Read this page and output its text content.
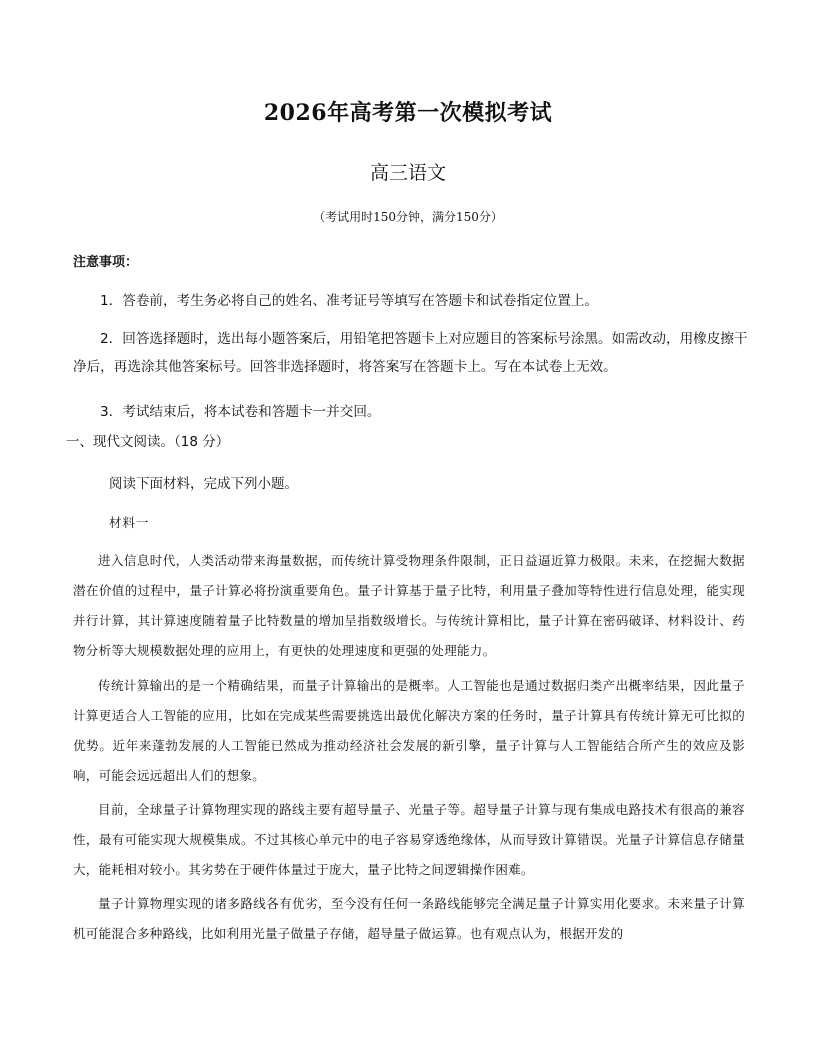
2026年高考第一次模拟考试
高三语文
（考试用时150分钟，满分150分）
注意事项：
1．答卷前，考生务必将自己的姓名、准考证号等填写在答题卡和试卷指定位置上。
2．回答选择题时，选出每小题答案后，用铅笔把答题卡上对应题目的答案标号涂黑。如需改动，用橡皮擦干净后，再选涂其他答案标号。回答非选择题时，将答案写在答题卡上。写在本试卷上无效。
3．考试结束后，将本试卷和答题卡一并交回。
一、现代文阅读。（18 分）
阅读下面材料，完成下列小题。
材料一
进入信息时代，人类活动带来海量数据，而传统计算受物理条件限制，正日益逼近算力极限。未来，在挖掘大数据潜在价值的过程中，量子计算必将扮演重要角色。量子计算基于量子比特，利用量子叠加等特性进行信息处理，能实现并行计算，其计算速度随着量子比特数量的增加呈指数级增长。与传统计算相比，量子计算在密码破译、材料设计、药物分析等大规模数据处理的应用上，有更快的处理速度和更强的处理能力。
传统计算输出的是一个精确结果，而量子计算输出的是概率。人工智能也是通过数据归类产出概率结果，因此量子计算更适合人工智能的应用，比如在完成某些需要挑选出最优化解决方案的任务时，量子计算具有传统计算无可比拟的优势。近年来蓬勃发展的人工智能已然成为推动经济社会发展的新引擎，量子计算与人工智能结合所产生的效应及影响，可能会远远超出人们的想象。
目前，全球量子计算物理实现的路线主要有超导量子、光量子等。超导量子计算与现有集成电路技术有很高的兼容性，最有可能实现大规模集成。不过其核心单元中的电子容易穿透绝缘体，从而导致计算错误。光量子计算信息存储量大，能耗相对较小。其劣势在于硬件体量过于庞大，量子比特之间逻辑操作困难。
量子计算物理实现的诸多路线各有优劣，至今没有任何一条路线能够完全满足量子计算实用化要求。未来量子计算机可能混合多种路线，比如利用光量子做量子存储，超导量子做运算。也有观点认为，根据开发的
